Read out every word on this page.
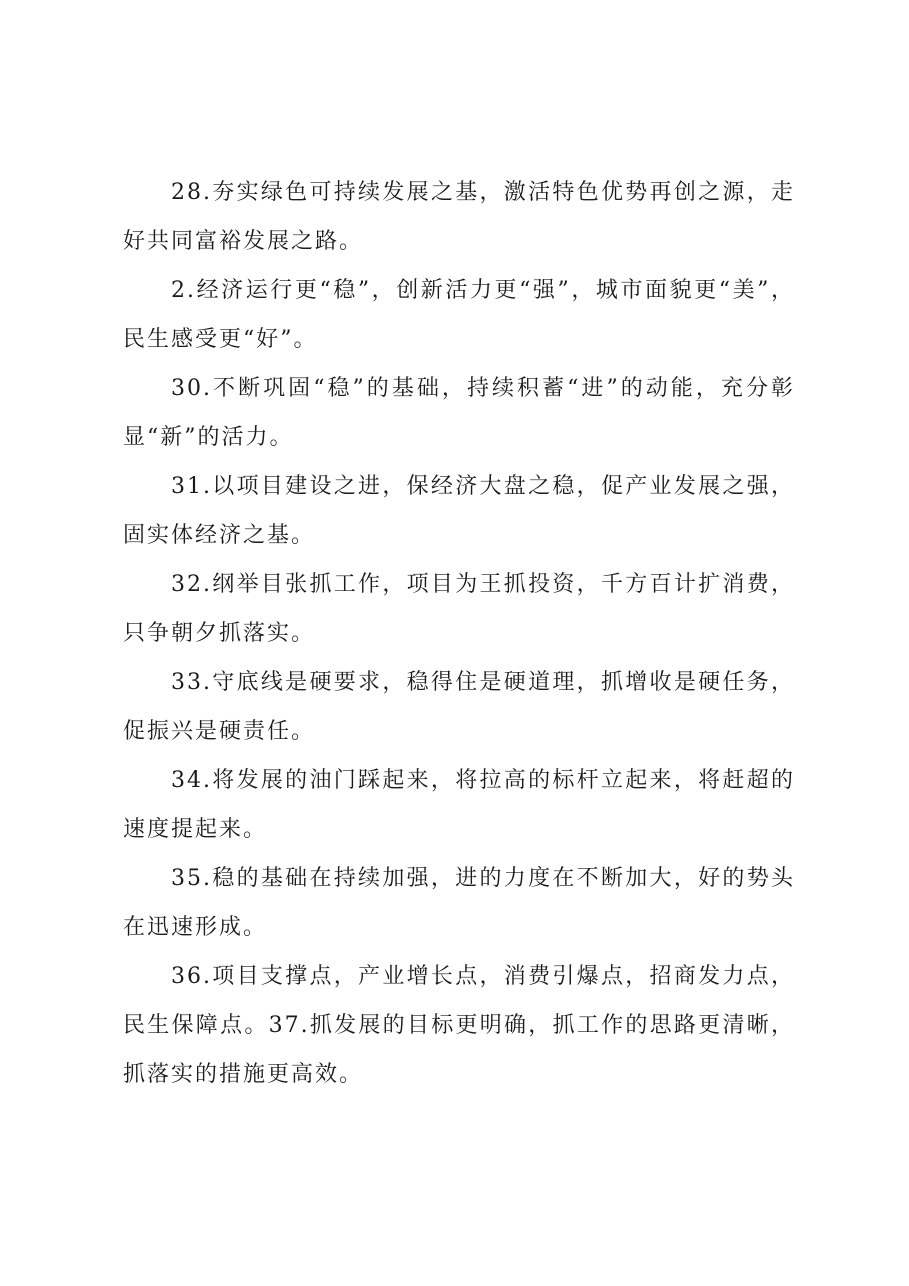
28.夯实绿色可持续发展之基，激活特色优势再创之源，走好共同富裕发展之路。

2.经济运行更“稳”，创新活力更“强”，城市面貌更“美”，民生感受更“好”。

30.不断巩固“稳”的基础，持续积蓄“进”的动能，充分彰显“新”的活力。

31.以项目建设之进，保经济大盘之稳，促产业发展之强，固实体经济之基。

32.纲举目张抓工作，项目为王抓投资，千方百计扩消费，只争朝夕抓落实。

33.守底线是硬要求，稳得住是硬道理，抓增收是硬任务，促振兴是硬责任。

34.将发展的油门踩起来，将拉高的标杆立起来，将赶超的速度提起来。

35.稳的基础在持续加强，进的力度在不断加大，好的势头在迅速形成。

36.项目支撑点，产业增长点，消费引爆点，招商发力点，民生保障点。37.抓发展的目标更明确，抓工作的思路更清晰，抓落实的措施更高效。
